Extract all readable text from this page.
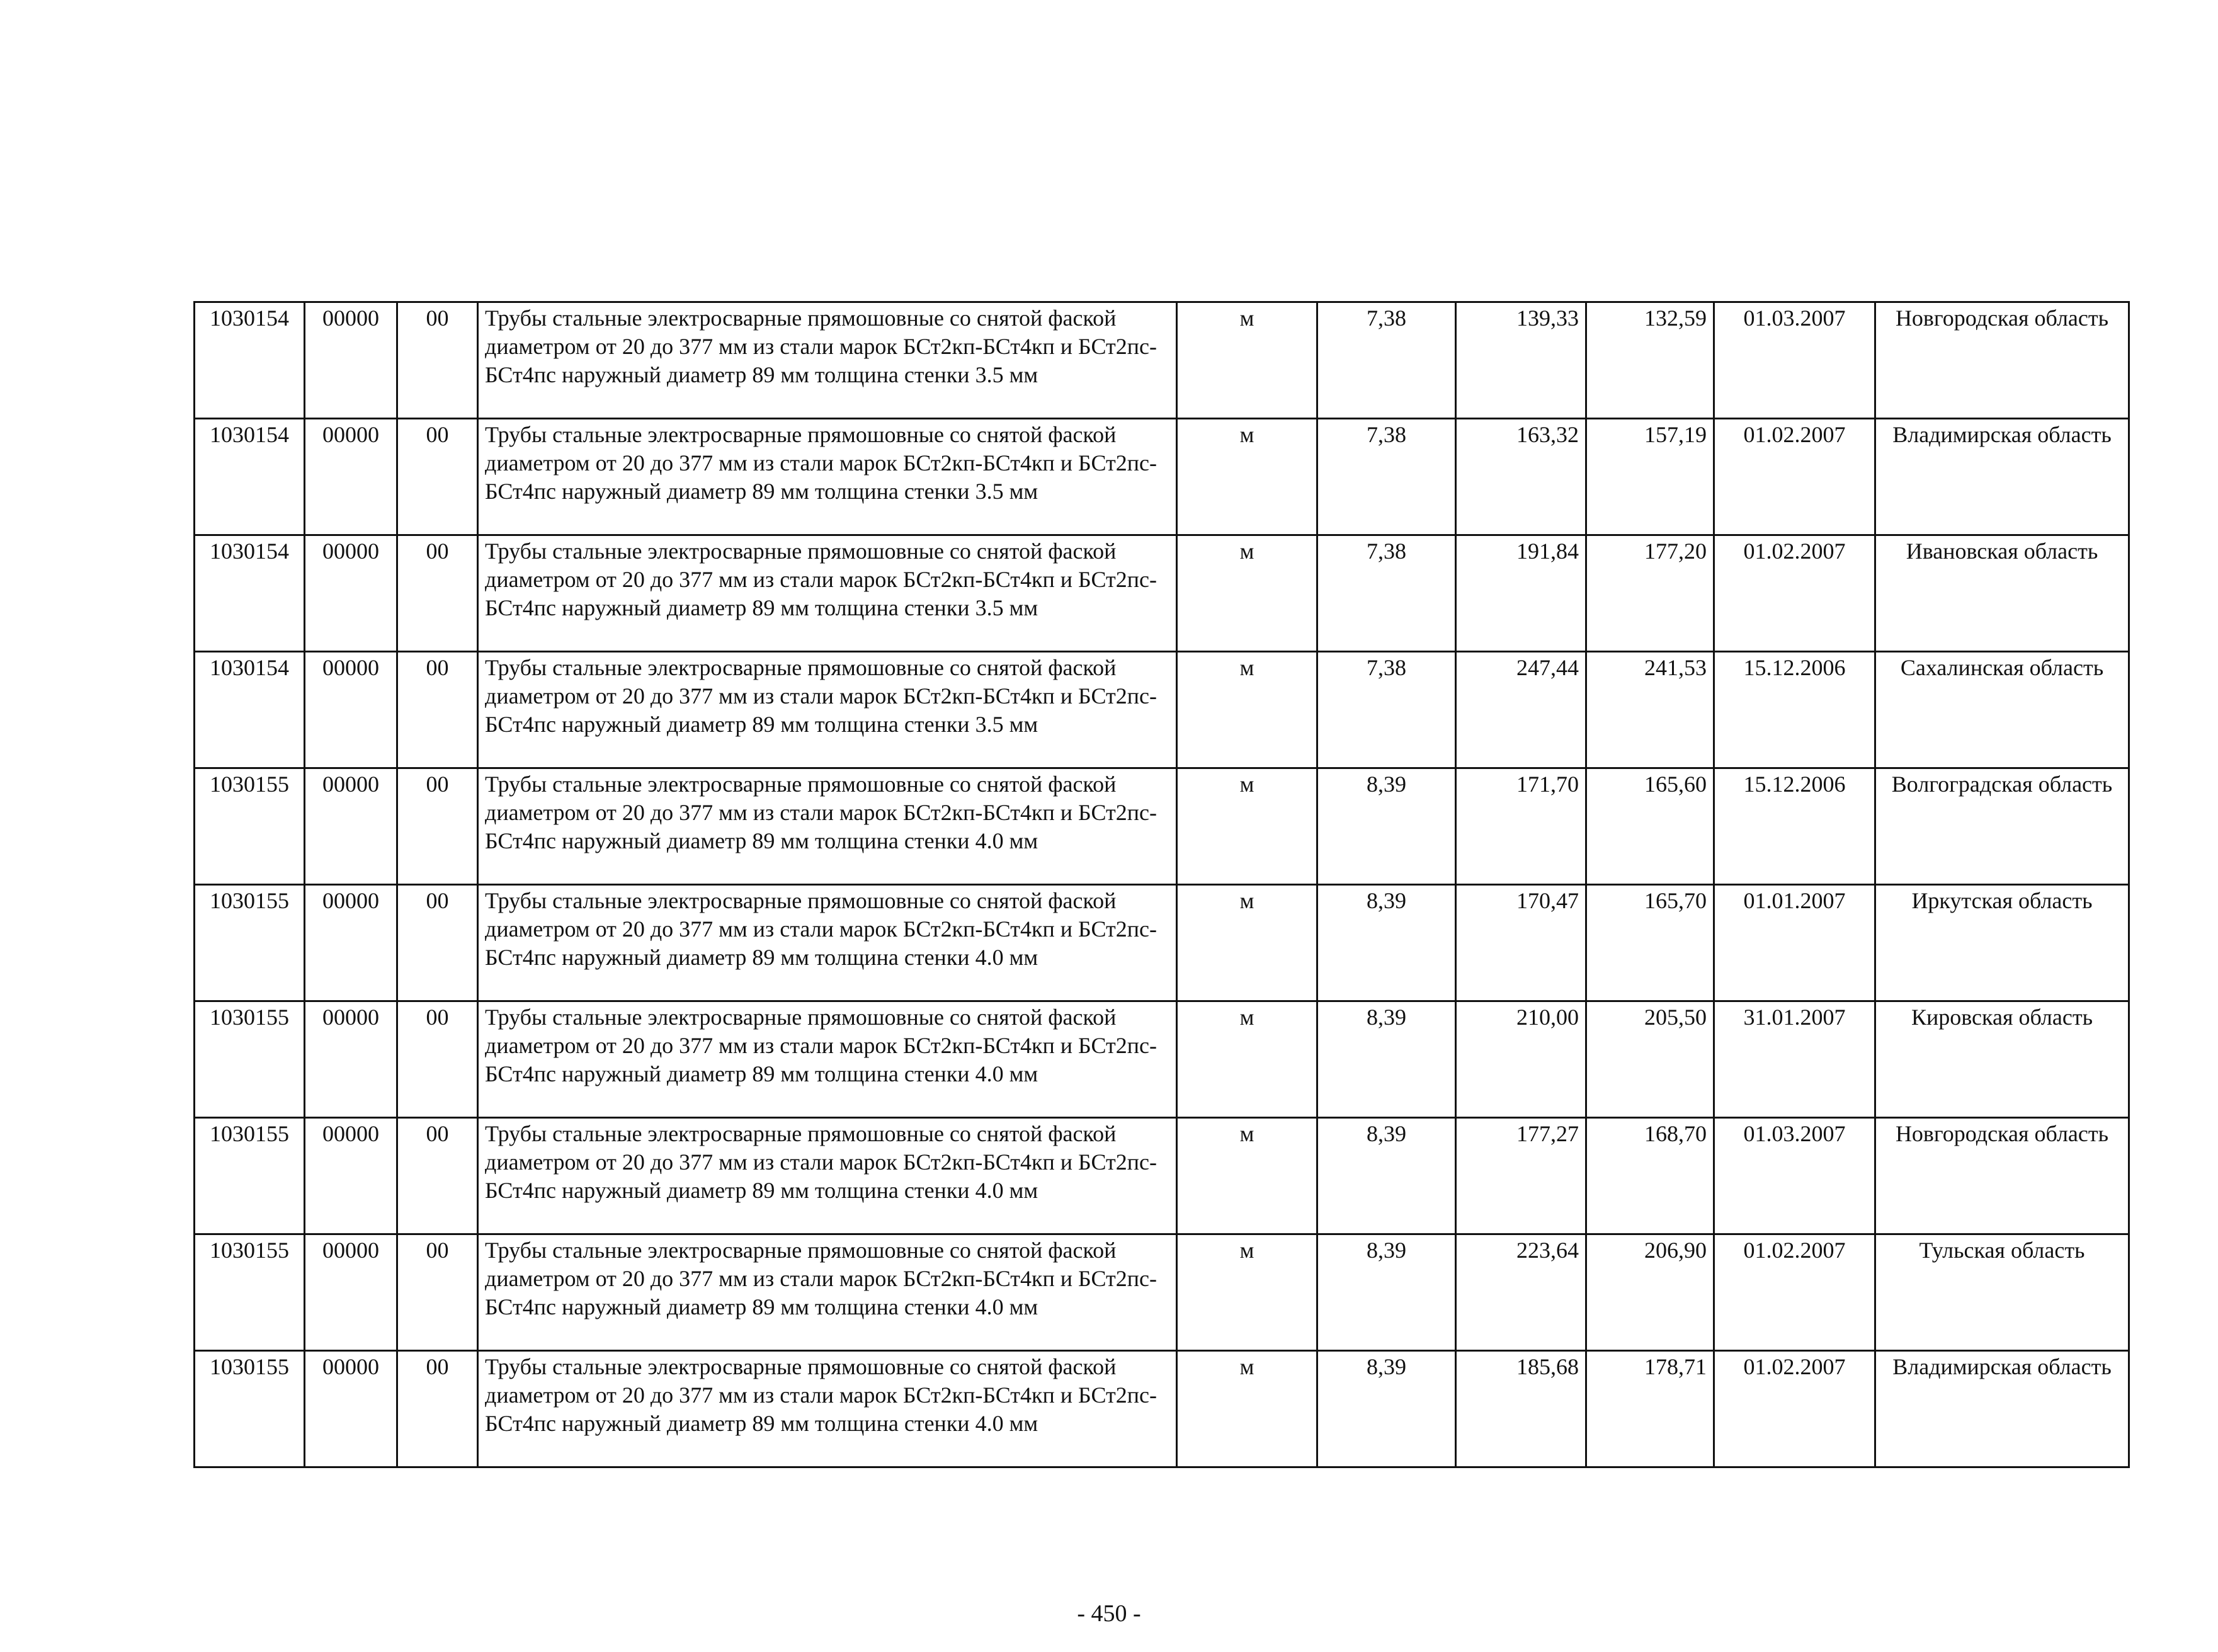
1030154	00000	00	Трубы стальные электросварные прямошовные со снятой фаской диаметром от 20 до 377 мм из стали марок БСт2кп-БСт4кп и БСт2пс-БСт4пс наружный диаметр 89 мм толщина стенки 3.5 мм	м	7,38	139,33	132,59	01.03.2007	Новгородская область
1030154	00000	00	Трубы стальные электросварные прямошовные со снятой фаской диаметром от 20 до 377 мм из стали марок БСт2кп-БСт4кп и БСт2пс-БСт4пс наружный диаметр 89 мм толщина стенки 3.5 мм	м	7,38	163,32	157,19	01.02.2007	Владимирская область
1030154	00000	00	Трубы стальные электросварные прямошовные со снятой фаской диаметром от 20 до 377 мм из стали марок БСт2кп-БСт4кп и БСт2пс-БСт4пс наружный диаметр 89 мм толщина стенки 3.5 мм	м	7,38	191,84	177,20	01.02.2007	Ивановская область
1030154	00000	00	Трубы стальные электросварные прямошовные со снятой фаской диаметром от 20 до 377 мм из стали марок БСт2кп-БСт4кп и БСт2пс-БСт4пс наружный диаметр 89 мм толщина стенки 3.5 мм	м	7,38	247,44	241,53	15.12.2006	Сахалинская область
1030155	00000	00	Трубы стальные электросварные прямошовные со снятой фаской диаметром от 20 до 377 мм из стали марок БСт2кп-БСт4кп и БСт2пс-БСт4пс наружный диаметр 89 мм толщина стенки 4.0 мм	м	8,39	171,70	165,60	15.12.2006	Волгоградская область
1030155	00000	00	Трубы стальные электросварные прямошовные со снятой фаской диаметром от 20 до 377 мм из стали марок БСт2кп-БСт4кп и БСт2пс-БСт4пс наружный диаметр 89 мм толщина стенки 4.0 мм	м	8,39	170,47	165,70	01.01.2007	Иркутская область
1030155	00000	00	Трубы стальные электросварные прямошовные со снятой фаской диаметром от 20 до 377 мм из стали марок БСт2кп-БСт4кп и БСт2пс-БСт4пс наружный диаметр 89 мм толщина стенки 4.0 мм	м	8,39	210,00	205,50	31.01.2007	Кировская область
1030155	00000	00	Трубы стальные электросварные прямошовные со снятой фаской диаметром от 20 до 377 мм из стали марок БСт2кп-БСт4кп и БСт2пс-БСт4пс наружный диаметр 89 мм толщина стенки 4.0 мм	м	8,39	177,27	168,70	01.03.2007	Новгородская область
1030155	00000	00	Трубы стальные электросварные прямошовные со снятой фаской диаметром от 20 до 377 мм из стали марок БСт2кп-БСт4кп и БСт2пс-БСт4пс наружный диаметр 89 мм толщина стенки 4.0 мм	м	8,39	223,64	206,90	01.02.2007	Тульская область
1030155	00000	00	Трубы стальные электросварные прямошовные со снятой фаской диаметром от 20 до 377 мм из стали марок БСт2кп-БСт4кп и БСт2пс-БСт4пс наружный диаметр 89 мм толщина стенки 4.0 мм	м	8,39	185,68	178,71	01.02.2007	Владимирская область
- 450 -
